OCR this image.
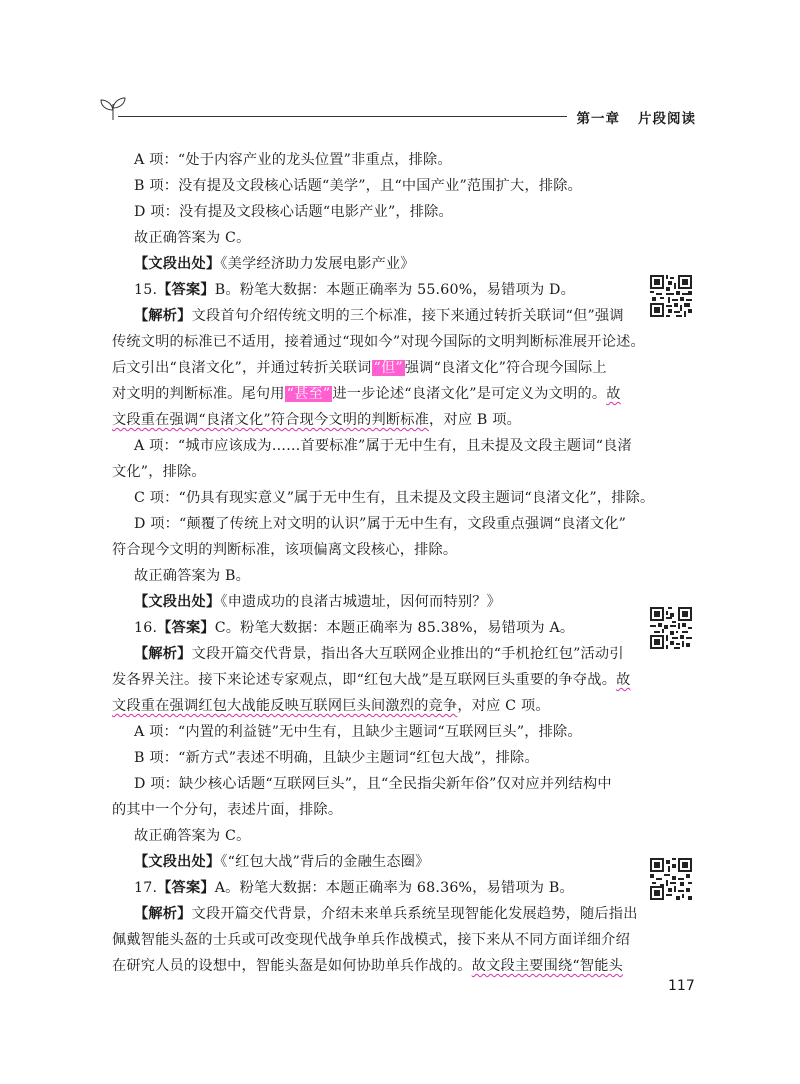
第一章 片段阅读
A 项：“处于内容产业的龙头位置”非重点，排除。
B 项：没有提及文段核心话题“美学”，且“中国产业”范围扩大，排除。
D 项：没有提及文段核心话题“电影产业”，排除。
故正确答案为 C。
【文段出处】《美学经济助力发展电影产业》
15.【答案】B。粉笔大数据：本题正确率为 55.60%，易错项为 D。
【解析】文段首句介绍传统文明的三个标准，接下来通过转折关联词“但”强调
传统文明的标准已不适用，接着通过“现如今”对现今国际的文明判断标准展开论述。
后文引出“良渚文化”，并通过转折关联词 “但” 强调“良渚文化”符合现今国际上
对文明的判断标准。尾句用 “甚至” 进一步论述“良渚文化”是可定义为文明的。故
文段重在强调“良渚文化”符合现今文明的判断标准，对应 B 项。
A 项：“城市应该成为……首要标准”属于无中生有，且未提及文段主题词“良渚
文化”，排除。
C 项：“仍具有现实意义”属于无中生有，且未提及文段主题词“良渚文化”，排除。
D 项：“颠覆了传统上对文明的认识”属于无中生有，文段重点强调“良渚文化”
符合现今文明的判断标准，该项偏离文段核心，排除。
故正确答案为 B。
【文段出处】《申遗成功的良渚古城遗址，因何而特别？》
16.【答案】C。粉笔大数据：本题正确率为 85.38%，易错项为 A。
【解析】文段开篇交代背景，指出各大互联网企业推出的“手机抢红包”活动引
发各界关注。接下来论述专家观点，即“红包大战”是互联网巨头重要的争夺战。故
文段重在强调红包大战能反映互联网巨头间激烈的竞争，对应 C 项。
A 项：“内置的利益链”无中生有，且缺少主题词“互联网巨头”，排除。
B 项：“新方式”表述不明确，且缺少主题词“红包大战”，排除。
D 项：缺少核心话题“互联网巨头”，且“全民指尖新年俗”仅对应并列结构中
的其中一个分句，表述片面，排除。
故正确答案为 C。
【文段出处】《“红包大战”背后的金融生态圈》
17.【答案】A。粉笔大数据：本题正确率为 68.36%，易错项为 B。
【解析】文段开篇交代背景，介绍未来单兵系统呈现智能化发展趋势，随后指出
佩戴智能头盔的士兵或可改变现代战争单兵作战模式，接下来从不同方面详细介绍
在研究人员的设想中，智能头盔是如何协助单兵作战的。故文段主要围绕“智能头
117
